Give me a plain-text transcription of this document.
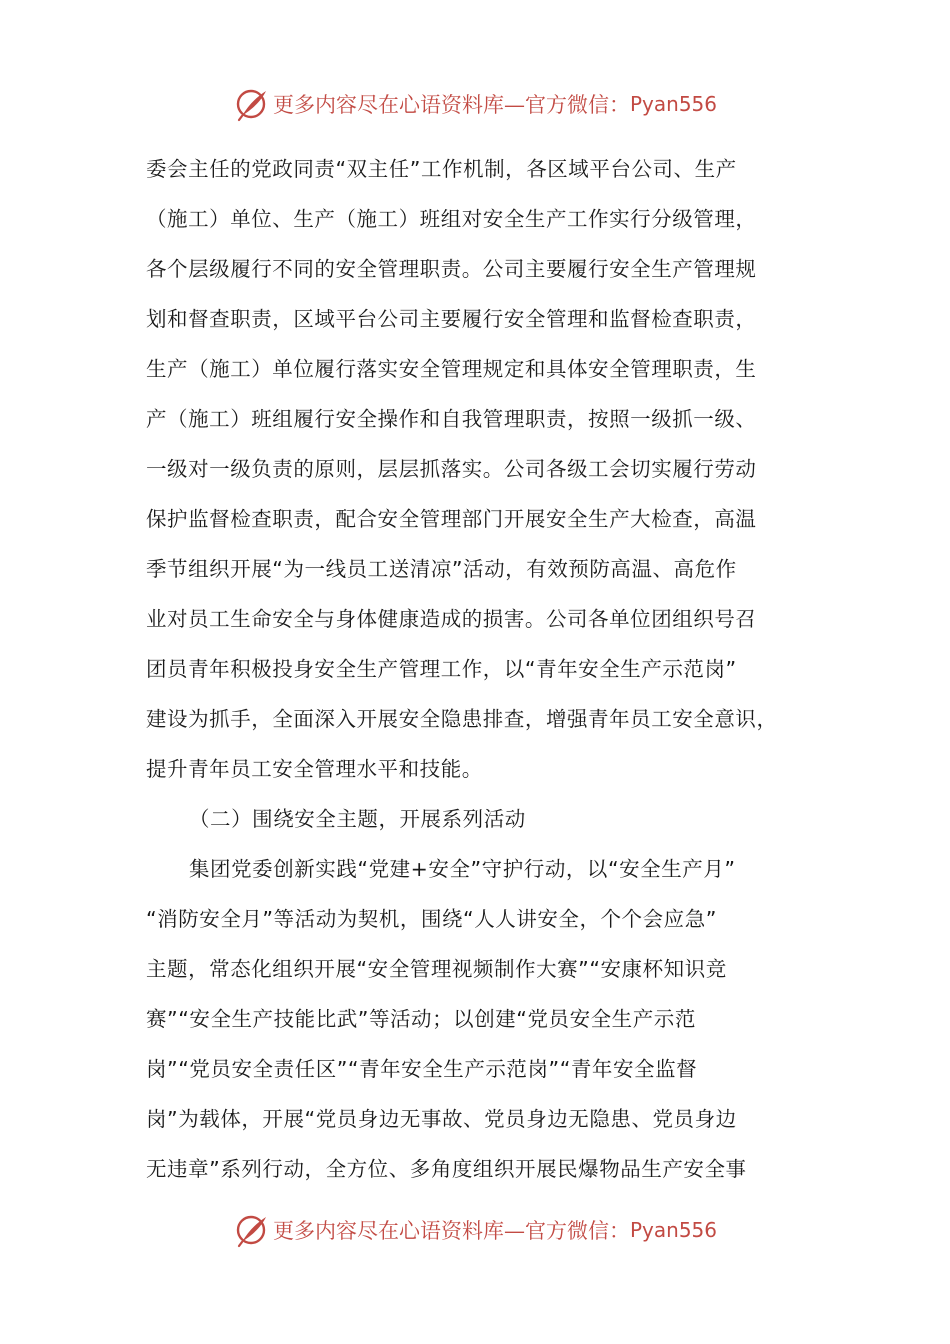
更多内容尽在心语资料库—官方微信： Pyan556
委会主任的党政同责“双主任”工作机制，各区域平台公司、生产
（施工）单位、生产（施工）班组对安全生产工作实行分级管理，
各个层级履行不同的安全管理职责。公司主要履行安全生产管理规
划和督查职责，区域平台公司主要履行安全管理和监督检查职责，
生产（施工）单位履行落实安全管理规定和具体安全管理职责，生
产（施工）班组履行安全操作和自我管理职责，按照一级抓一级、
一级对一级负责的原则，层层抓落实。公司各级工会切实履行劳动
保护监督检查职责，配合安全管理部门开展安全生产大检查，高温
季节组织开展“为一线员工送清凉”活动，有效预防高温、高危作
业对员工生命安全与身体健康造成的损害。公司各单位团组织号召
团员青年积极投身安全生产管理工作，以“青年安全生产示范岗”
建设为抓手，全面深入开展安全隐患排查，增强青年员工安全意识，
提升青年员工安全管理水平和技能。
（二）围绕安全主题，开展系列活动
集团党委创新实践“党建+安全”守护行动，以“安全生产月”
“消防安全月”等活动为契机，围绕“人人讲安全，个个会应急”
主题，常态化组织开展“安全管理视频制作大赛”“安康杯知识竞
赛”“安全生产技能比武”等活动；以创建“党员安全生产示范
岗”“党员安全责任区”“青年安全生产示范岗”“青年安全监督
岗”为载体，开展“党员身边无事故、党员身边无隐患、党员身边
无违章”系列行动，全方位、多角度组织开展民爆物品生产安全事
更多内容尽在心语资料库—官方微信： Pyan556
